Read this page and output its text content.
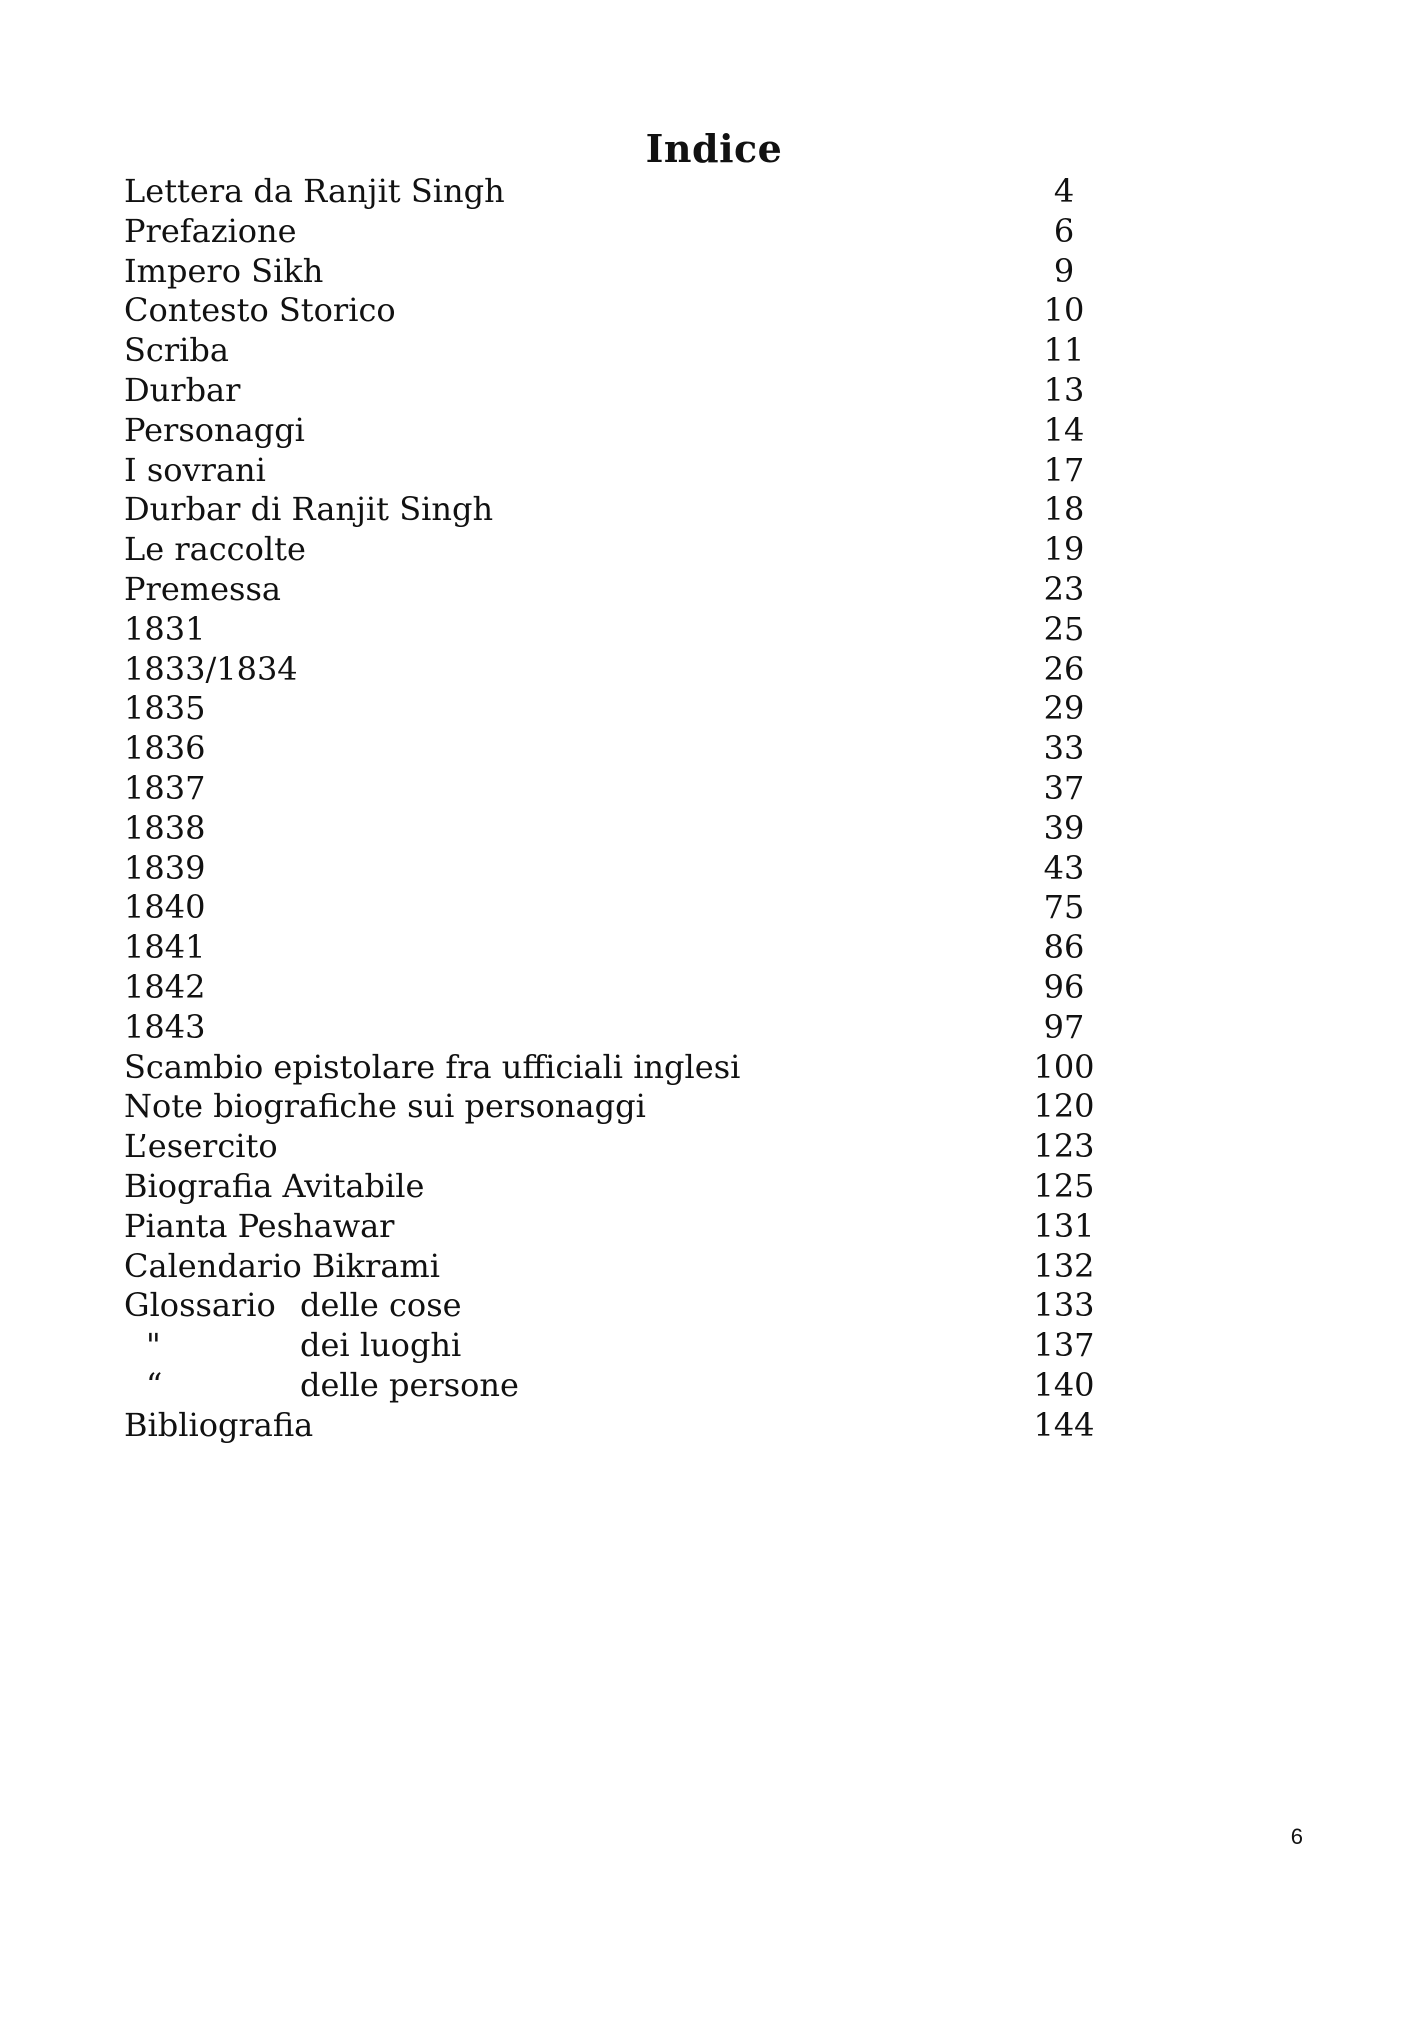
Indice
Lettera da Ranjit Singh	4
Prefazione	6
Impero Sikh	9
Contesto Storico	10
Scriba	11
Durbar	13
Personaggi	14
I sovrani	17
Durbar di Ranjit Singh	18
Le raccolte	19
Premessa	23
1831	25
1833/1834	26
1835	29
1836	33
1837	37
1838	39
1839	43
1840	75
1841	86
1842	96
1843	97
Scambio epistolare fra ufficiali inglesi	100
Note biografiche sui personaggi	120
L’esercito	123
Biografia Avitabile	125
Pianta Peshawar	131
Calendario Bikrami	132
Glossario delle cose	133
"	dei luoghi	137
“	delle persone	140
Bibliografia	144
6
